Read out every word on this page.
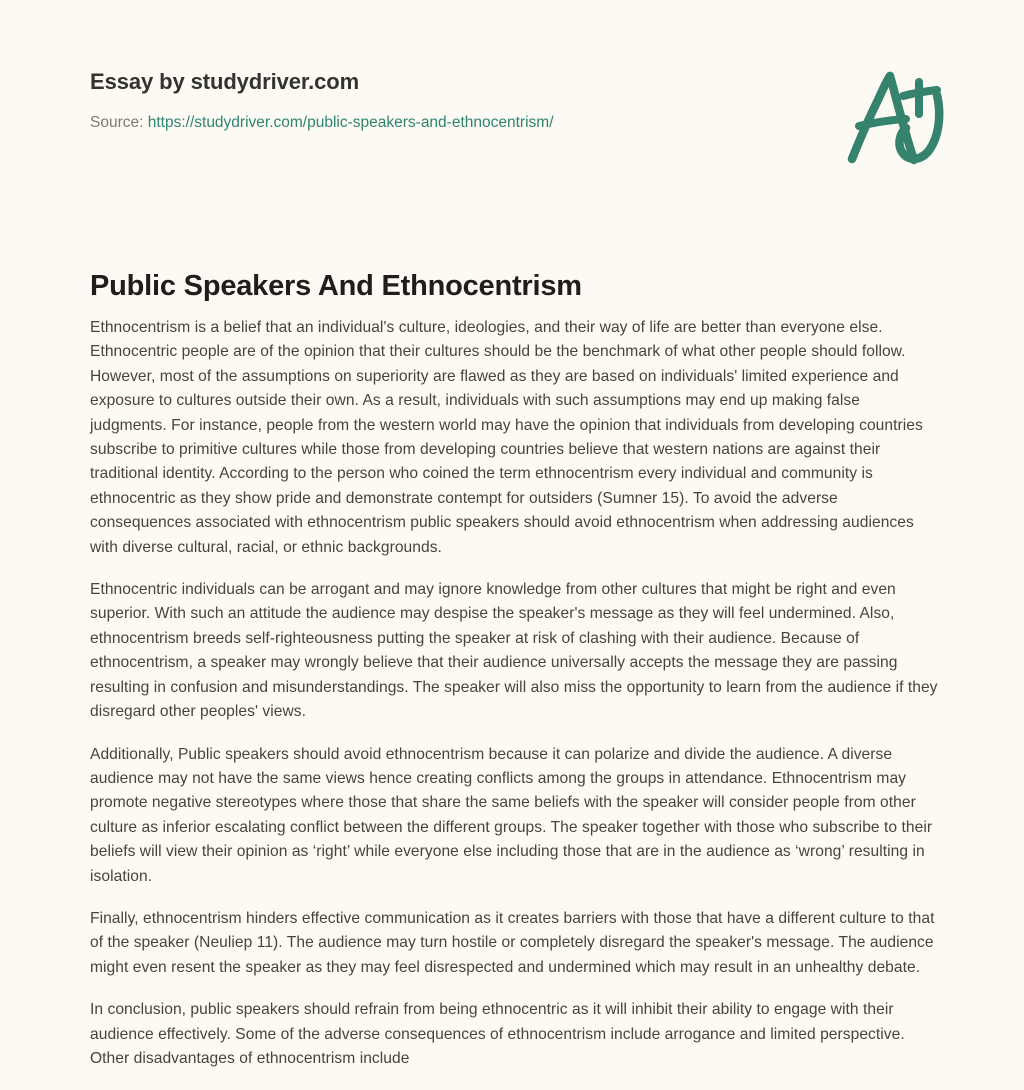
Essay by studydriver.com
Source: https://studydriver.com/public-speakers-and-ethnocentrism/
Public Speakers And Ethnocentrism

Ethnocentrism is a belief that an individual's culture, ideologies, and their way of life are better than everyone else. Ethnocentric people are of the opinion that their cultures should be the benchmark of what other people should follow. However, most of the assumptions on superiority are flawed as they are based on individuals' limited experience and exposure to cultures outside their own. As a result, individuals with such assumptions may end up making false judgments. For instance, people from the western world may have the opinion that individuals from developing countries subscribe to primitive cultures while those from developing countries believe that western nations are against their traditional identity. According to the person who coined the term ethnocentrism every individual and community is ethnocentric as they show pride and demonstrate contempt for outsiders (Sumner 15). To avoid the adverse consequences associated with ethnocentrism public speakers should avoid ethnocentrism when addressing audiences with diverse cultural, racial, or ethnic backgrounds.

Ethnocentric individuals can be arrogant and may ignore knowledge from other cultures that might be right and even superior. With such an attitude the audience may despise the speaker's message as they will feel undermined. Also, ethnocentrism breeds self-righteousness putting the speaker at risk of clashing with their audience. Because of ethnocentrism, a speaker may wrongly believe that their audience universally accepts the message they are passing resulting in confusion and misunderstandings. The speaker will also miss the opportunity to learn from the audience if they disregard other peoples' views.

Additionally, Public speakers should avoid ethnocentrism because it can polarize and divide the audience. A diverse audience may not have the same views hence creating conflicts among the groups in attendance. Ethnocentrism may promote negative stereotypes where those that share the same beliefs with the speaker will consider people from other culture as inferior escalating conflict between the different groups. The speaker together with those who subscribe to their beliefs will view their opinion as ‘right’ while everyone else including those that are in the audience as ‘wrong’ resulting in isolation.

Finally, ethnocentrism hinders effective communication as it creates barriers with those that have a different culture to that of the speaker (Neuliep 11). The audience may turn hostile or completely disregard the speaker's message. The audience might even resent the speaker as they may feel disrespected and undermined which may result in an unhealthy debate.

In conclusion, public speakers should refrain from being ethnocentric as it will inhibit their ability to engage with their audience effectively. Some of the adverse consequences of ethnocentrism include arrogance and limited perspective. Other disadvantages of ethnocentrism include
